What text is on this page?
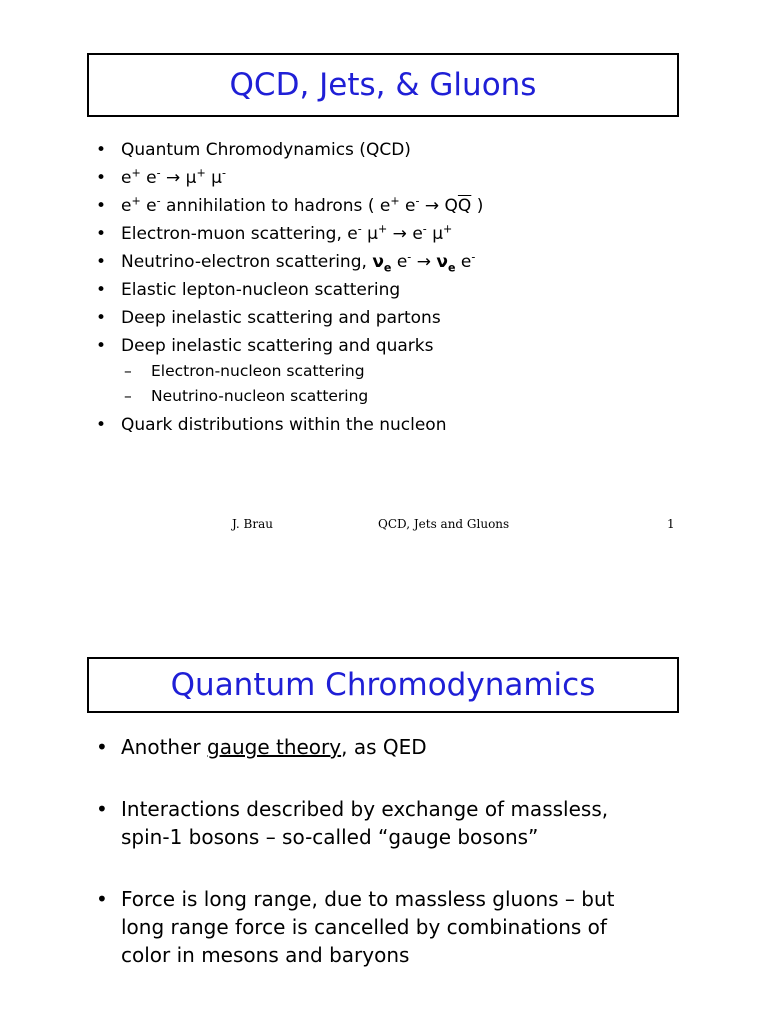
QCD, Jets, & Gluons
• Quantum Chromodynamics (QCD)
• e+ e- → μ+ μ-
• e+ e- annihilation to hadrons ( e+ $e^- \to Q\overline{Q}$ )
• Electron-muon scattering, e- μ+ → e- μ+
• Neutrino-electron scattering, $\nu_e$ $e^- \to \nu_e$ e-
• Elastic lepton-nucleon scattering
• Deep inelastic scattering and partons
• Deep inelastic scattering and quarks
– Electron-nucleon scattering
– Neutrino-nucleon scattering
• Quark distributions within the nucleon
J. Brau	QCD, Jets and Gluons	1
Quantum Chromodynamics
• Another gauge theory, as QED
• Interactions described by exchange of massless,
spin-1 bosons – so-called “gauge bosons”
• Force is long range, due to massless gluons – but
long range force is cancelled by combinations of
color in mesons and baryons
